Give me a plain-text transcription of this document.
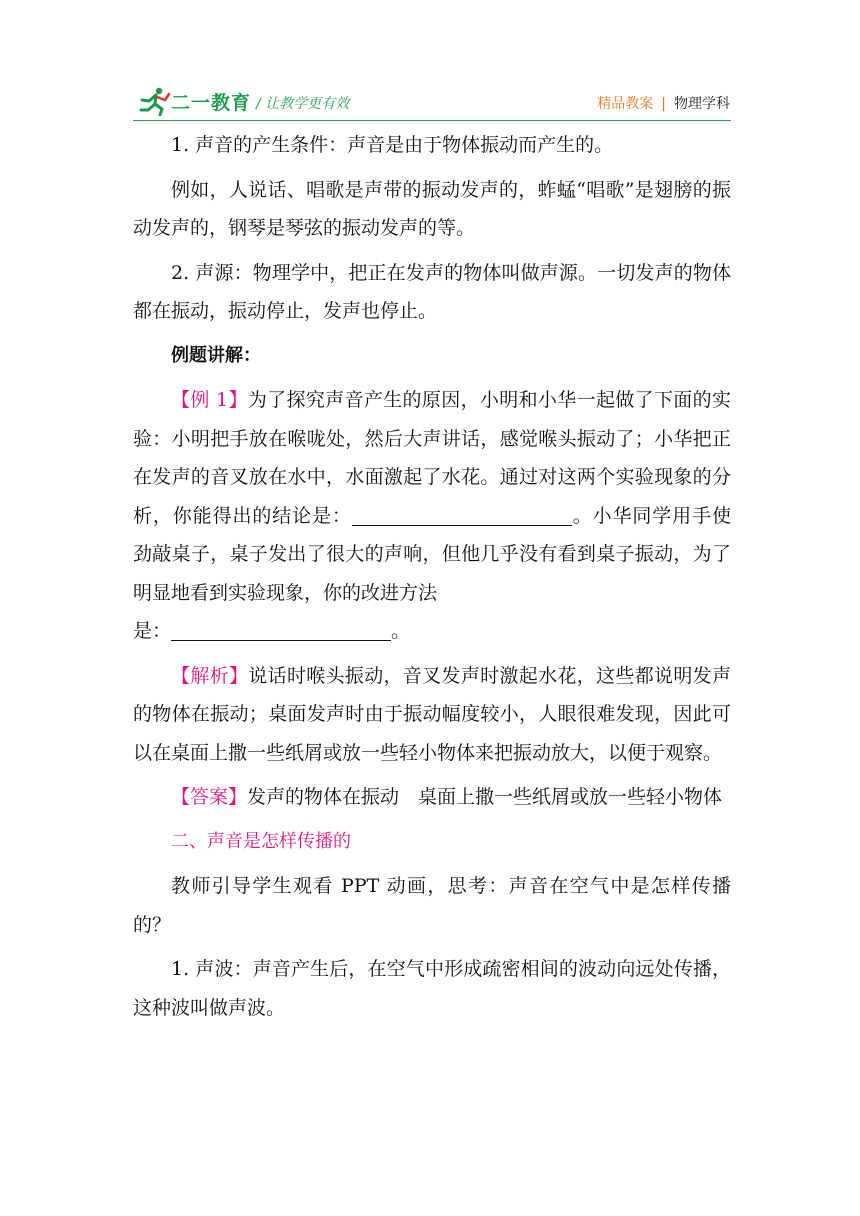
二一教育 / 让教学更有效	精品教案 | 物理学科

1. 声音的产生条件：声音是由于物体振动而产生的。

例如，人说话、唱歌是声带的振动发声的，蚱蜢“唱歌”是翅膀的振动发声的，钢琴是琴弦的振动发声的等。

2. 声源：物理学中，把正在发声的物体叫做声源。一切发声的物体都在振动，振动停止，发声也停止。

例题讲解：

【例 1】为了探究声音产生的原因，小明和小华一起做了下面的实验：小明把手放在喉咙处，然后大声讲话，感觉喉头振动了；小华把正在发声的音叉放在水中，水面激起了水花。通过对这两个实验现象的分析，你能得出的结论是：	。小华同学用手使劲敲桌子，桌子发出了很大的声响，但他几乎没有看到桌子振动，为了明显地看到实验现象，你的改进方法

是：	。

【解析】说话时喉头振动，音叉发声时激起水花，这些都说明发声的物体在振动；桌面发声时由于振动幅度较小，人眼很难发现，因此可以在桌面上撒一些纸屑或放一些轻小物体来把振动放大，以便于观察。

【答案】发声的物体在振动　桌面上撒一些纸屑或放一些轻小物体

二、声音是怎样传播的

教师引导学生观看 PPT 动画，思考：声音在空气中是怎样传播的？

1. 声波：声音产生后，在空气中形成疏密相间的波动向远处传播，这种波叫做声波。
